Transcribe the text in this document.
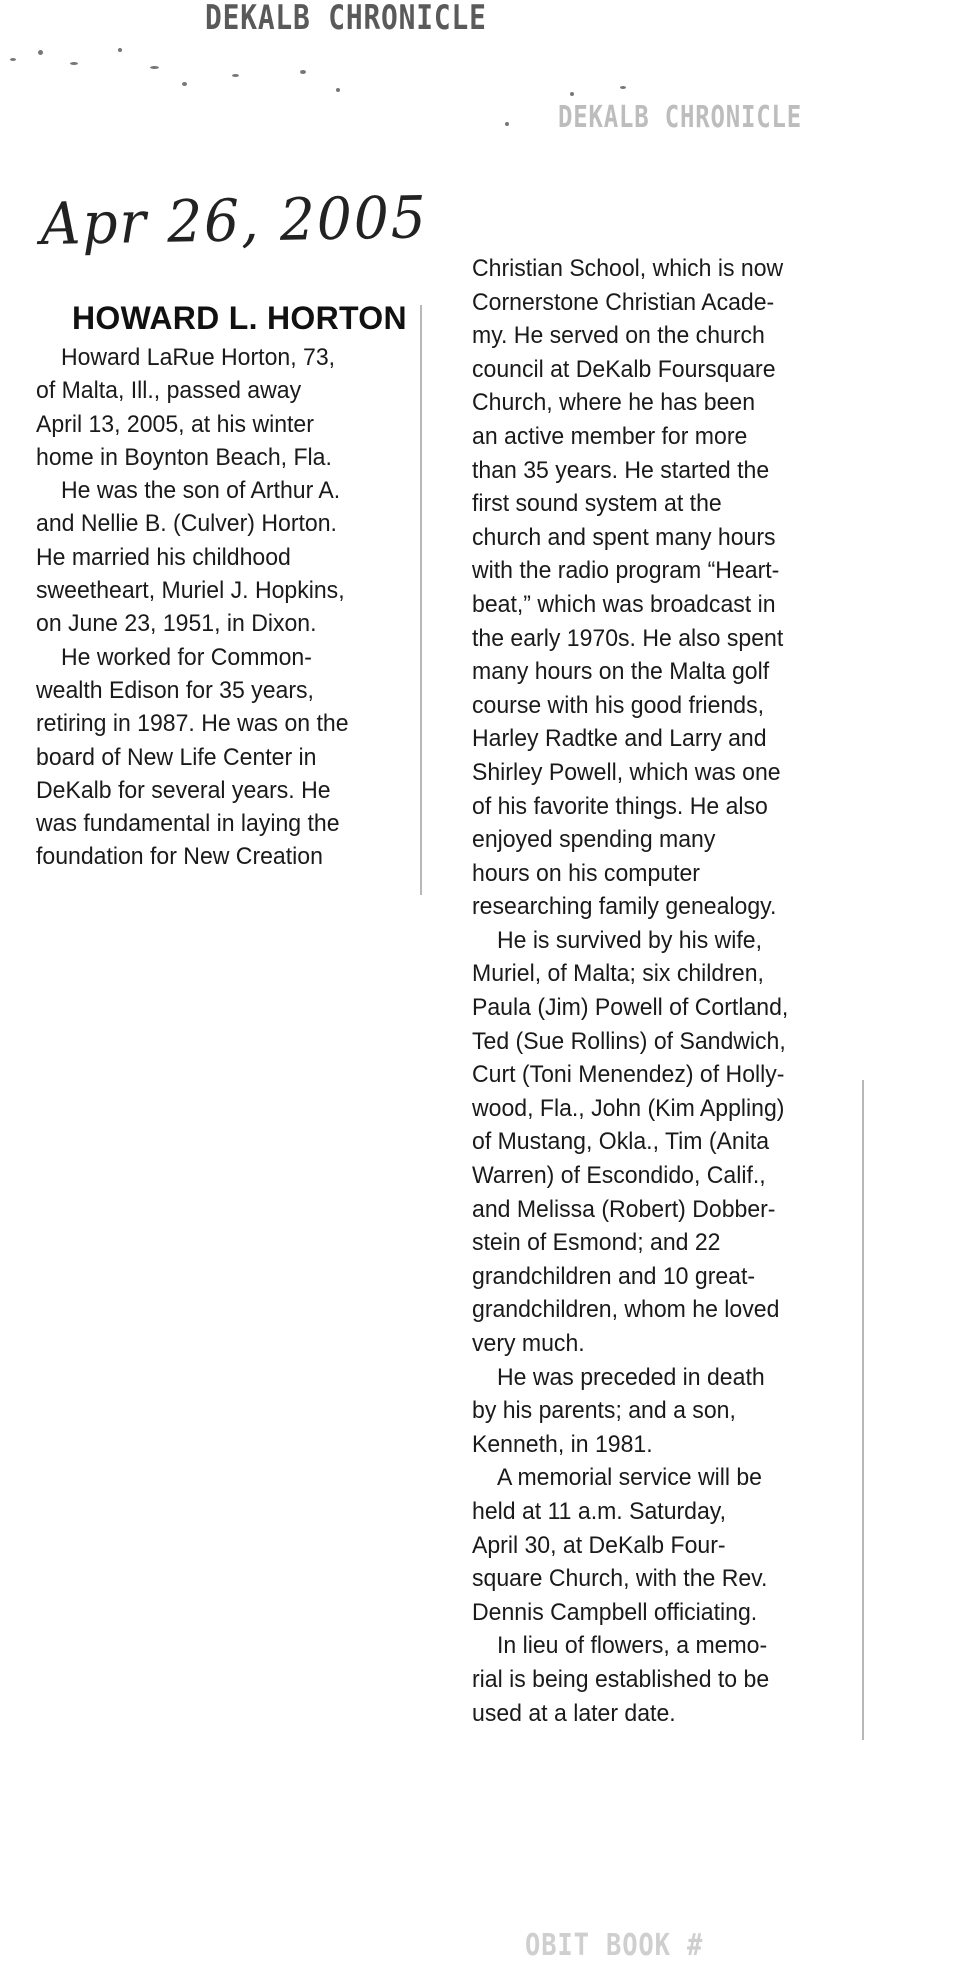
DEKALB CHRONICLE
DEKALB CHRONICLE
OBIT BOOK #
Apr 26, 2005
HOWARD L. HORTON
Howard LaRue Horton, 73,
of Malta, Ill., passed away
April 13, 2005, at his winter
home in Boynton Beach, Fla.
He was the son of Arthur A.
and Nellie B. (Culver) Horton.
He married his childhood
sweetheart, Muriel J. Hopkins,
on June 23, 1951, in Dixon.
He worked for Common-
wealth Edison for 35 years,
retiring in 1987. He was on the
board of New Life Center in
DeKalb for several years. He
was fundamental in laying the
foundation for New Creation
Christian School, which is now
Cornerstone Christian Acade-
my. He served on the church
council at DeKalb Foursquare
Church, where he has been
an active member for more
than 35 years. He started the
first sound system at the
church and spent many hours
with the radio program “Heart-
beat,” which was broadcast in
the early 1970s. He also spent
many hours on the Malta golf
course with his good friends,
Harley Radtke and Larry and
Shirley Powell, which was one
of his favorite things. He also
enjoyed spending many
hours on his computer
researching family genealogy.
He is survived by his wife,
Muriel, of Malta; six children,
Paula (Jim) Powell of Cortland,
Ted (Sue Rollins) of Sandwich,
Curt (Toni Menendez) of Holly-
wood, Fla., John (Kim Appling)
of Mustang, Okla., Tim (Anita
Warren) of Escondido, Calif.,
and Melissa (Robert) Dobber-
stein of Esmond; and 22
grandchildren and 10 great-
grandchildren, whom he loved
very much.
He was preceded in death
by his parents; and a son,
Kenneth, in 1981.
A memorial service will be
held at 11 a.m. Saturday,
April 30, at DeKalb Four-
square Church, with the Rev.
Dennis Campbell officiating.
In lieu of flowers, a memo-
rial is being established to be
used at a later date.
